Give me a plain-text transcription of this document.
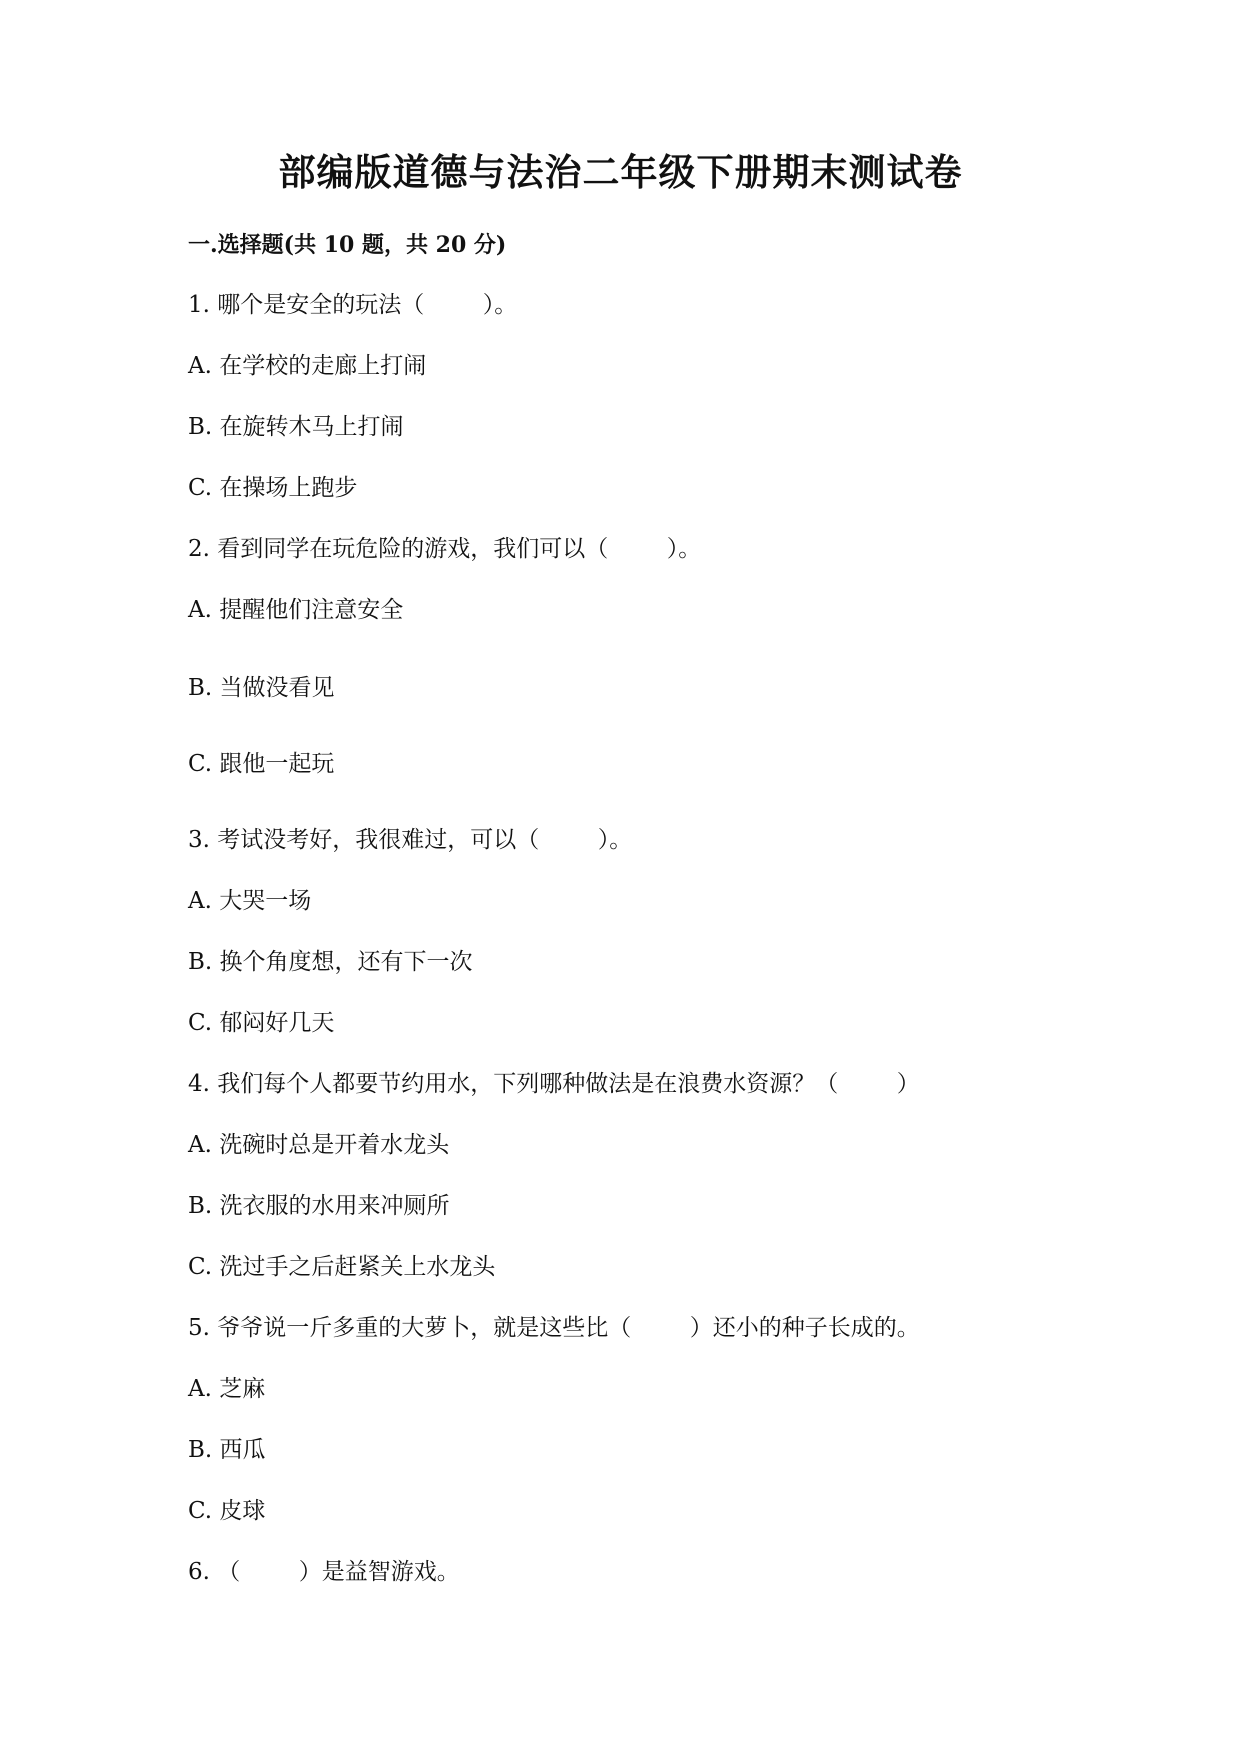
部编版道德与法治二年级下册期末测试卷
一.选择题(共 10 题，共 20 分)
1. 哪个是安全的玩法（        ）。
A. 在学校的走廊上打闹
B. 在旋转木马上打闹
C. 在操场上跑步
2. 看到同学在玩危险的游戏，我们可以（        ）。
A. 提醒他们注意安全
B. 当做没看见
C. 跟他一起玩
3. 考试没考好，我很难过，可以（        ）。
A. 大哭一场
B. 换个角度想，还有下一次
C. 郁闷好几天
4. 我们每个人都要节约用水，下列哪种做法是在浪费水资源？（        ）
A. 洗碗时总是开着水龙头
B. 洗衣服的水用来冲厕所
C. 洗过手之后赶紧关上水龙头
5. 爷爷说一斤多重的大萝卜，就是这些比（        ）还小的种子长成的。
A. 芝麻
B. 西瓜
C. 皮球
6. （        ）是益智游戏。
